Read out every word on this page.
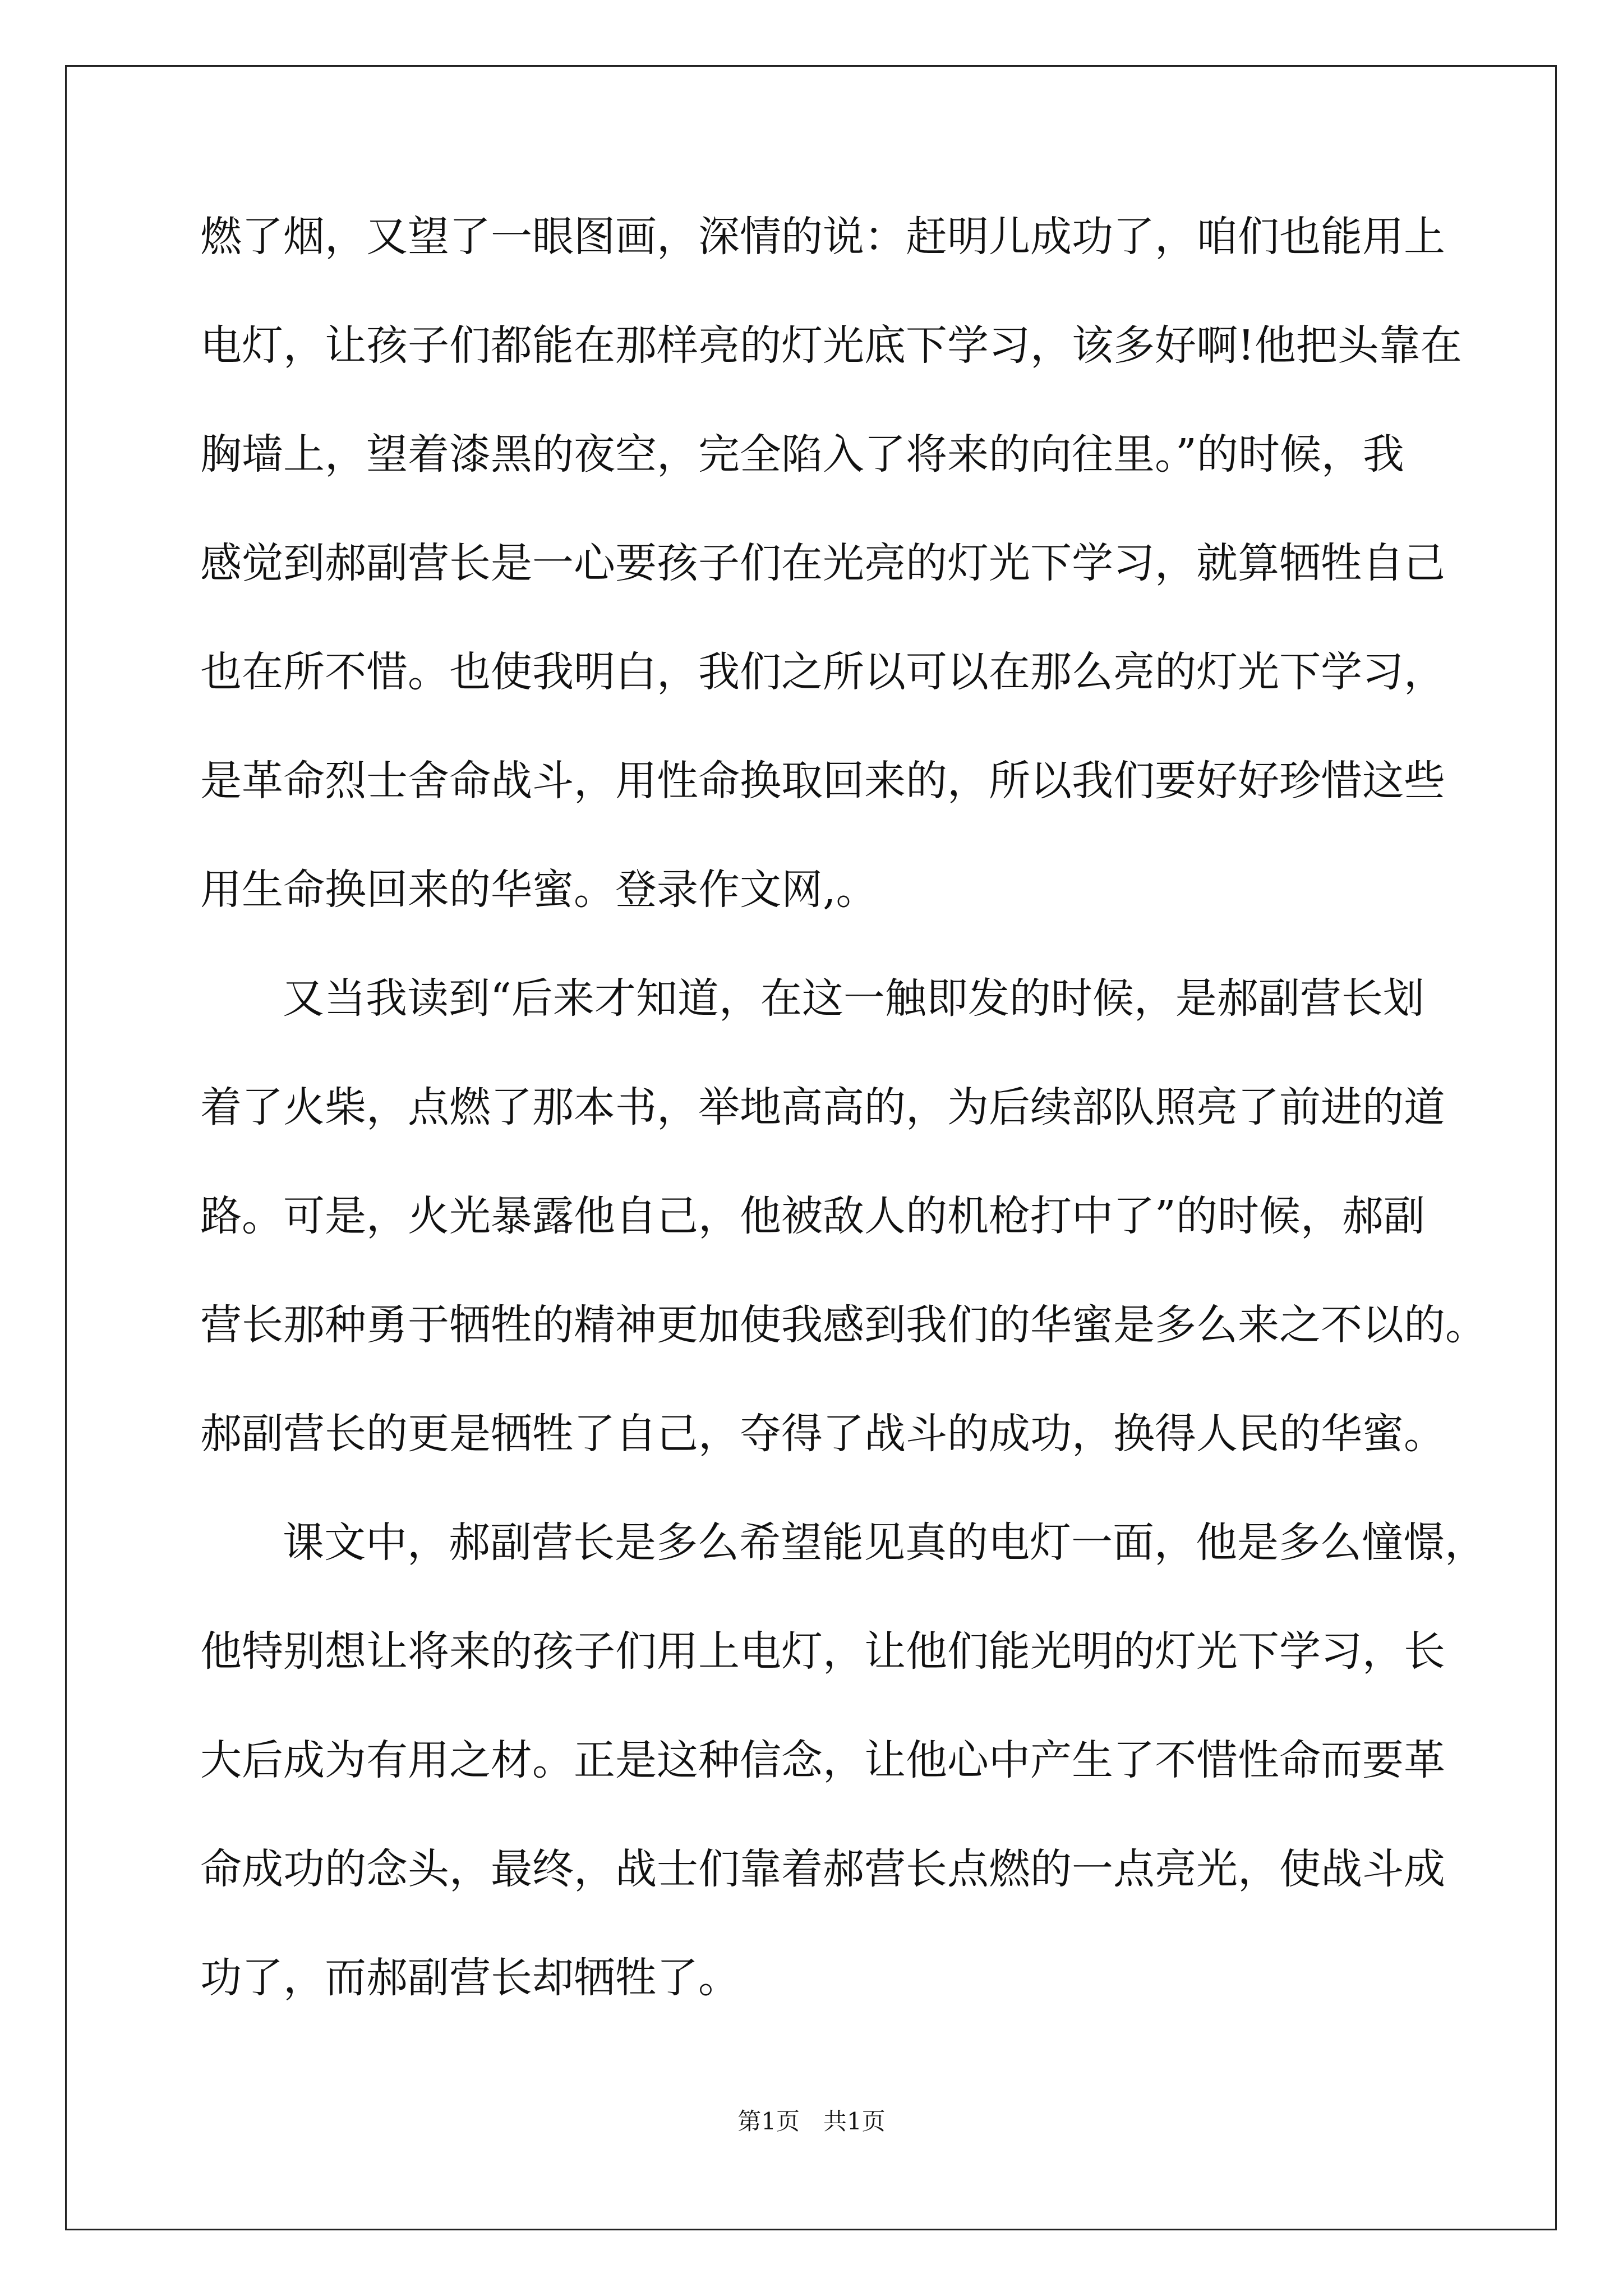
燃了烟，又望了一眼图画，深情的说：赶明儿成功了，咱们也能用上
电灯，让孩子们都能在那样亮的灯光底下学习，该多好啊!他把头靠在
胸墙上，望着漆黑的夜空，完全陷入了将来的向往里。”的时候，我
感觉到郝副营长是一心要孩子们在光亮的灯光下学习，就算牺牲自己
也在所不惜。也使我明白，我们之所以可以在那么亮的灯光下学习，
是革命烈士舍命战斗，用性命换取回来的，所以我们要好好珍惜这些
用生命换回来的华蜜。登录作文网,。
又当我读到“后来才知道，在这一触即发的时候，是郝副营长划
着了火柴，点燃了那本书，举地高高的，为后续部队照亮了前进的道
路。可是，火光暴露他自己，他被敌人的机枪打中了”的时候，郝副
营长那种勇于牺牲的精神更加使我感到我们的华蜜是多么来之不以的。
郝副营长的更是牺牲了自己，夺得了战斗的成功，换得人民的华蜜。
课文中，郝副营长是多么希望能见真的电灯一面，他是多么憧憬，
他特别想让将来的孩子们用上电灯，让他们能光明的灯光下学习，长
大后成为有用之材。正是这种信念，让他心中产生了不惜性命而要革
命成功的念头，最终，战士们靠着郝营长点燃的一点亮光，使战斗成
功了，而郝副营长却牺牲了。
第1页　共1页
